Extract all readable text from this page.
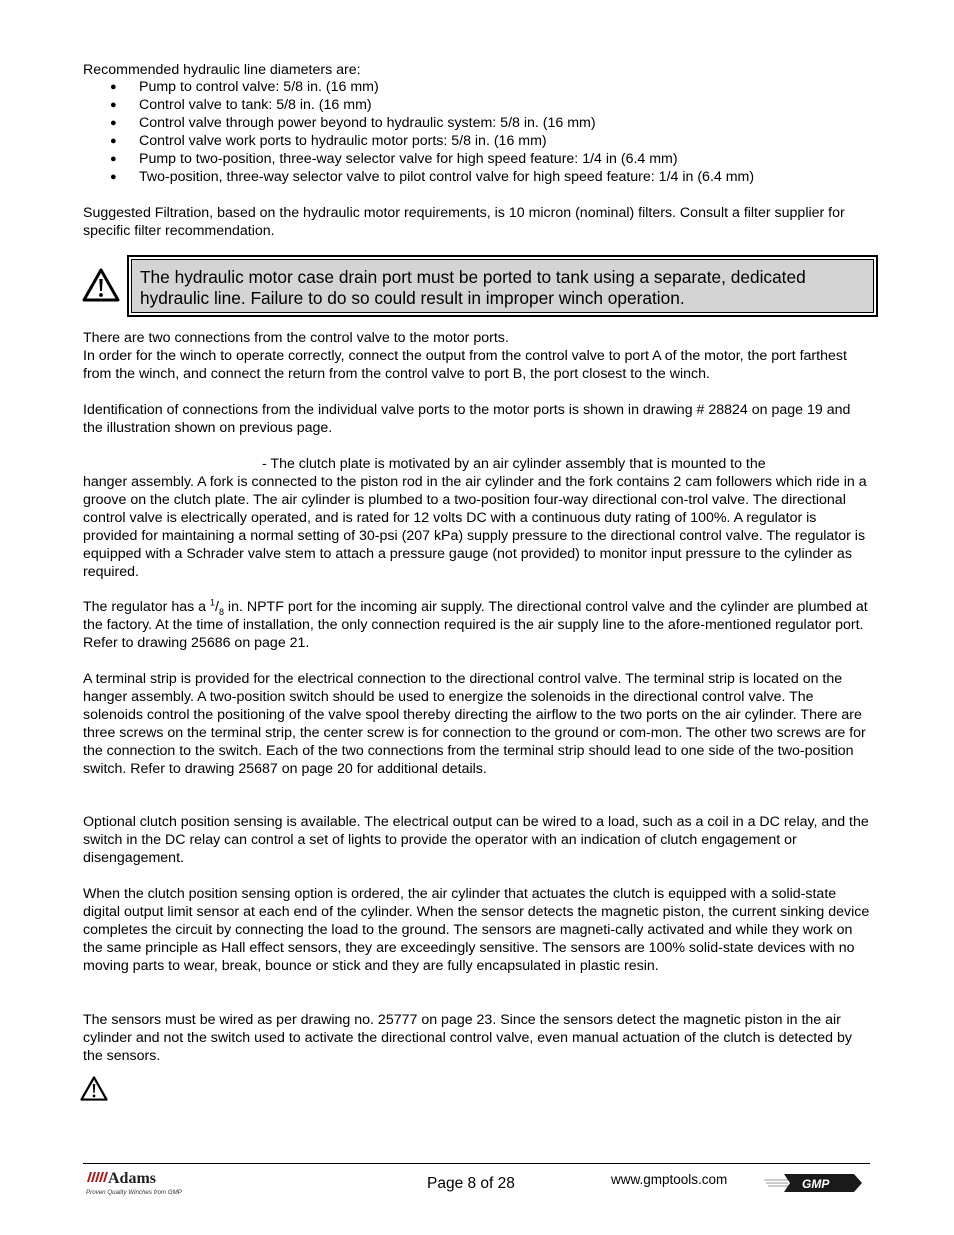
Recommended hydraulic line diameters are:

● Pump to control valve: 5/8 in. (16 mm)
● Control valve to tank: 5/8 in. (16 mm)
● Control valve through power beyond to hydraulic system: 5/8 in. (16 mm)
● Control valve work ports to hydraulic motor ports: 5/8 in. (16 mm)
● Pump to two-position, three-way selector valve for high speed feature: 1/4 in (6.4 mm)
● Two-position, three-way selector valve to pilot control valve for high speed feature: 1/4 in (6.4 mm)

Suggested Filtration, based on the hydraulic motor requirements, is 10 micron (nominal) filters. Consult a filter supplier for specific filter recommendation.

The hydraulic motor case drain port must be ported to tank using a separate, dedicated hydraulic line. Failure to do so could result in improper winch operation.

There are two connections from the control valve to the motor ports.

In order for the winch to operate correctly, connect the output from the control valve to port A of the motor, the port farthest from the winch, and connect the return from the control valve to port B, the port closest to the winch.

Identification of connections from the individual valve ports to the motor ports is shown in drawing # 28824 on page 19 and the illustration shown on previous page.

- The clutch plate is motivated by an air cylinder assembly that is mounted to the
hanger assembly. A fork is connected to the piston rod in the air cylinder and the fork contains 2 cam followers which ride in a groove on the clutch plate. The air cylinder is plumbed to a two-position four-way directional con-trol valve. The directional control valve is electrically operated, and is rated for 12 volts DC with a continuous duty rating of 100%. A regulator is provided for maintaining a normal setting of 30-psi (207 kPa) supply pressure to the directional control valve. The regulator is equipped with a Schrader valve stem to attach a pressure gauge (not provided) to monitor input pressure to the cylinder as required.

The regulator has a $^1/_8$ in. NPTF port for the incoming air supply. The directional control valve and the cylinder are plumbed at the factory. At the time of installation, the only connection required is the air supply line to the afore-mentioned regulator port. Refer to drawing 25686 on page 21.

A terminal strip is provided for the electrical connection to the directional control valve. The terminal strip is located on the hanger assembly. A two-position switch should be used to energize the solenoids in the directional control valve. The solenoids control the positioning of the valve spool thereby directing the airflow to the two ports on the air cylinder. There are three screws on the terminal strip, the center screw is for connection to the ground or com-mon. The other two screws are for the connection to the switch. Each of the two connections from the terminal strip should lead to one side of the two-position switch. Refer to drawing 25687 on page 20 for additional details.

Optional clutch position sensing is available. The electrical output can be wired to a load, such as a coil in a DC relay, and the switch in the DC relay can control a set of lights to provide the operator with an indication of clutch engagement or disengagement.

When the clutch position sensing option is ordered, the air cylinder that actuates the clutch is equipped with a solid-state digital output limit sensor at each end of the cylinder. When the sensor detects the magnetic piston, the current sinking device completes the circuit by connecting the load to the ground. The sensors are magneti-cally activated and while they work on the same principle as Hall effect sensors, they are exceedingly sensitive. The sensors are 100% solid-state devices with no moving parts to wear, break, bounce or stick and they are fully encapsulated in plastic resin.

The sensors must be wired as per drawing no. 25777 on page 23. Since the sensors detect the magnetic piston in the air cylinder and not the switch used to activate the directional control valve, even manual actuation of the clutch is detected by the sensors.

Adams
Proven Quality Winches from GMP
Page 8 of 28	www.gmptools.com	GMP
